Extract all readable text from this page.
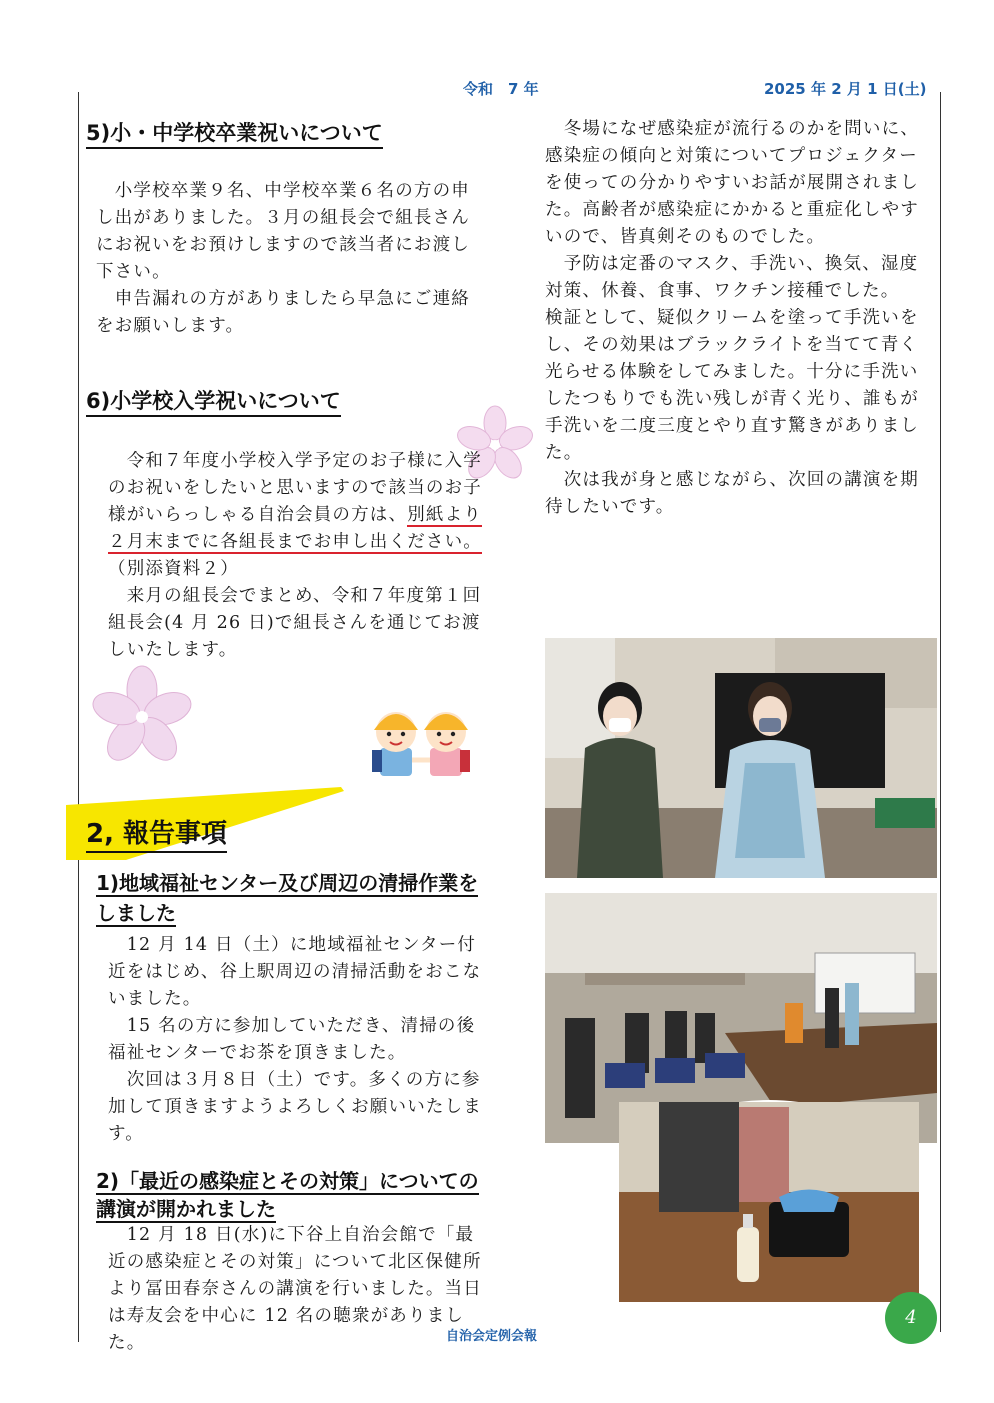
令和　7 年	2025 年 2 月 1 日(土)
5)小・中学校卒業祝いについて

　小学校卒業９名、中学校卒業６名の方の申し出がありました。３月の組長会で組長さんにお祝いをお預けしますので該当者にお渡し下さい。

　申告漏れの方がありましたら早急にご連絡をお願いします。

6)小学校入学祝いについて

　令和７年度小学校入学予定のお子様に入学のお祝いをしたいと思いますので該当のお子様がいらっしゃる自治会員の方は、別紙より２月末までに各組長までお申し出ください。（別添資料２）

　来月の組長会でまとめ、令和７年度第１回組長会(4 月 26 日)で組長さんを通じてお渡しいたします。

2, 報告事項
1)地域福祉センター及び周辺の清掃作業をしました

　12 月 14 日（土）に地域福祉センター付近をはじめ、谷上駅周辺の清掃活動をおこないました。

　15 名の方に参加していただき、清掃の後福祉センターでお茶を頂きました。

　次回は３月８日（土）です。多くの方に参加して頂きますようよろしくお願いいたします。

2)「最近の感染症とその対策」についての講演が開かれました

　12 月 18 日(水)に下谷上自治会館で「最近の感染症とその対策」について北区保健所より冨田春奈さんの講演を行いました。当日は寿友会を中心に 12 名の聴衆がありました。

　冬場になぜ感染症が流行るのかを問いに、感染症の傾向と対策についてプロジェクターを使っての分かりやすいお話が展開されました。高齢者が感染症にかかると重症化しやすいので、皆真剣そのものでした。

　予防は定番のマスク、手洗い、換気、湿度対策、休養、食事、ワクチン接種でした。

検証として、疑似クリームを塗って手洗いをし、その効果はブラックライトを当てて青く光らせる体験をしてみました。十分に手洗いしたつもりでも洗い残しが青く光り、誰もが手洗いを二度三度とやり直す驚きがありました。

　次は我が身と感じながら、次回の講演を期待したいです。

自治会定例会報
4
